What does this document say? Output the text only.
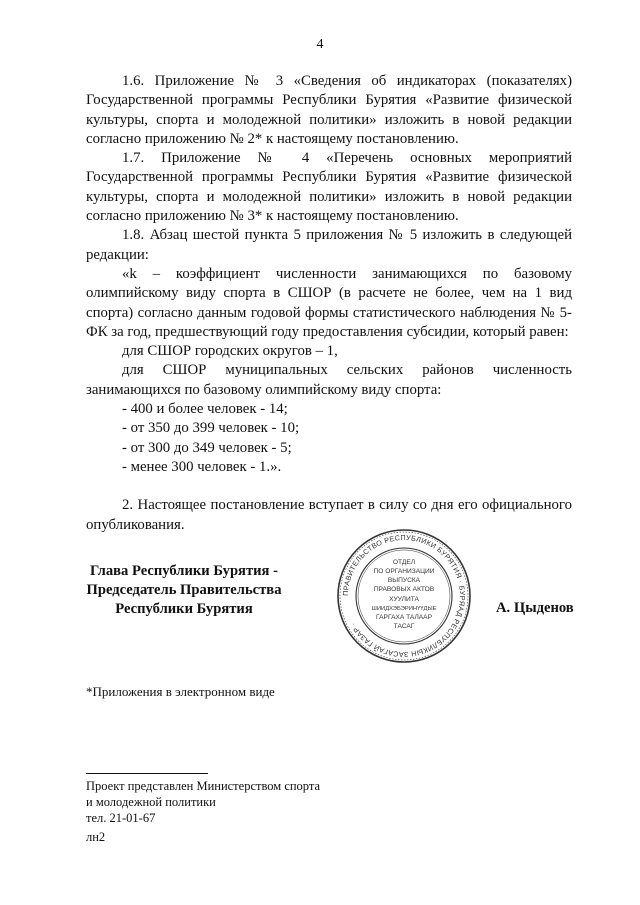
4

1.6. Приложение № 3 «Сведения об индикаторах (показателях) Государственной программы Республики Бурятия «Развитие физической культуры, спорта и молодежной политики» изложить в новой редакции согласно приложению № 2* к настоящему постановлению.

1.7. Приложение № 4 «Перечень основных мероприятий Государственной программы Республики Бурятия «Развитие физической культуры, спорта и молодежной политики» изложить в новой редакции согласно приложению № 3* к настоящему постановлению.

1.8. Абзац шестой пункта 5 приложения № 5 изложить в следующей редакции:

«k – коэффициент численности занимающихся по базовому олимпийскому виду спорта в СШОР (в расчете не более, чем на 1 вид спорта) согласно данным годовой формы статистического наблюдения № 5-ФК за год, предшествующий году предоставления субсидии, который равен:

для СШОР городских округов – 1,

для СШОР муниципальных сельских районов численность занимающихся по базовому олимпийскому виду спорта:

- 400 и более человек - 14;

- от 350 до 399 человек - 10;

- от 300 до 349 человек - 5;

- менее 300 человек - 1.».

2. Настоящее постановление вступает в силу со дня его официального опубликования.

Глава Республики Бурятия -
Председатель Правительства
Республики Бурятия
ПРАВИТЕЛЬСТВО РЕСПУБЛИКИ БУРЯТИЯ · БУРЯАД РЕСПУБЛИКЫН ЗАСАГАЙ ГАЗАР ·
ОТДЕЛ
ПО ОРГАНИЗАЦИИ
ВЫПУСКА
ПРАВОВЫХ АКТОВ
ХУУЛИТА
ШИИДХЭБЭРИНҮҮДЫЕ
ГАРГАХА ТАЛААР
ТАСАГ
А. Цыденов
*Приложения в электронном виде
Проект представлен Министерством спорта
и молодежной политики
тел. 21-01-67
лн2
